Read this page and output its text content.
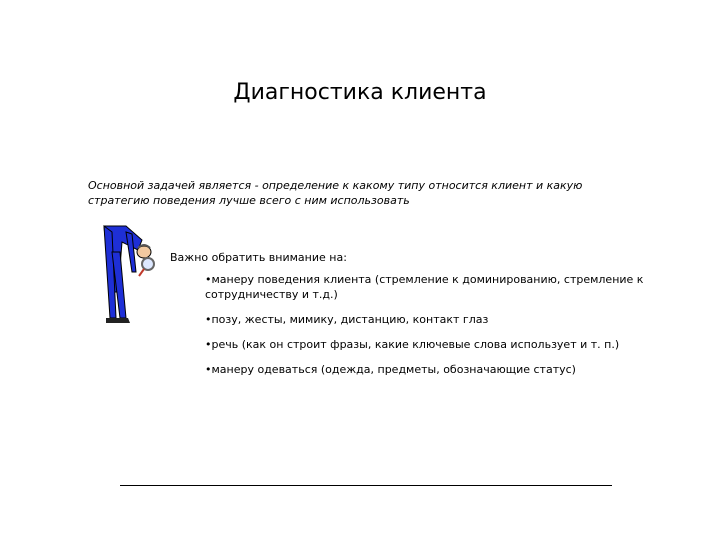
Диагностика клиента
Основной задачей является - определение к какому типу относится клиент и какую стратегию поведения лучше всего с ним использовать
Важно обратить внимание на:
•манеру поведения клиента (стремление к доминированию, стремление к сотрудничеству и т.д.)
•позу, жесты, мимику, дистанцию, контакт глаз
•речь (как он строит фразы, какие ключевые слова использует и т. п.)
•манеру одеваться (одежда, предметы, обозначающие статус)
